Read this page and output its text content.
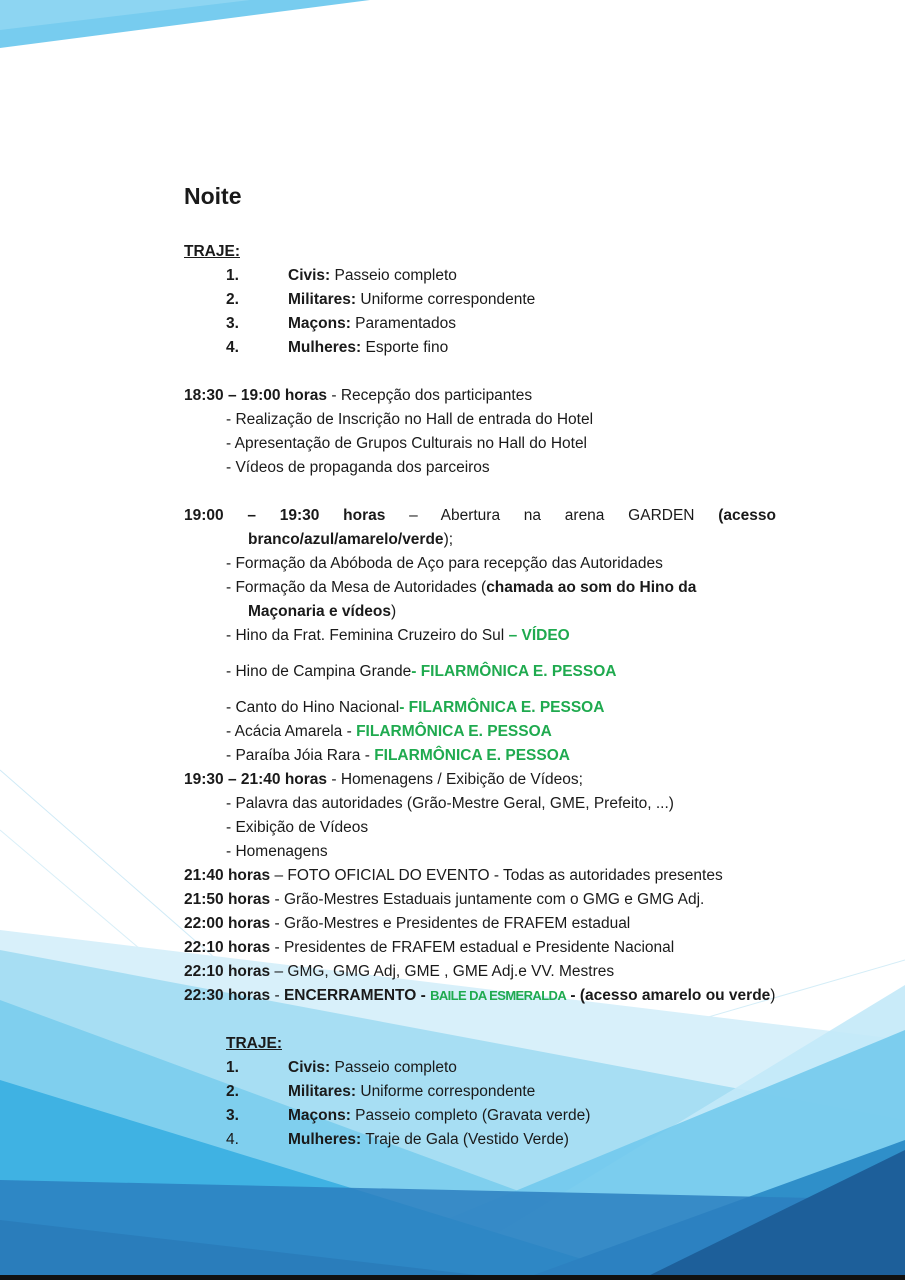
Noite
TRAJE:
1.	Civis: Passeio completo
2.	Militares: Uniforme correspondente
3.	Maçons: Paramentados
4.	Mulheres: Esporte fino
18:30 – 19:00 horas - Recepção dos participantes
- Realização de Inscrição no Hall de entrada do Hotel
- Apresentação de Grupos Culturais no Hall do Hotel
- Vídeos de propaganda dos parceiros
19:00 – 19:30 horas – Abertura na arena GARDEN (acesso
branco/azul/amarelo/verde);
- Formação da Abóboda de Aço para recepção das Autoridades
- Formação da Mesa de Autoridades (chamada ao som do Hino da
Maçonaria e vídeos)
- Hino da Frat. Feminina Cruzeiro do Sul – VÍDEO
- Hino de Campina Grande- FILARMÔNICA E. PESSOA
- Canto do Hino Nacional- FILARMÔNICA E. PESSOA
- Acácia Amarela - FILARMÔNICA E. PESSOA
- Paraíba Jóia Rara - FILARMÔNICA E. PESSOA
19:30 – 21:40 horas - Homenagens / Exibição de Vídeos;
- Palavra das autoridades (Grão-Mestre Geral, GME, Prefeito, ...)
- Exibição de Vídeos
- Homenagens
21:40 horas – FOTO OFICIAL DO EVENTO - Todas as autoridades presentes
21:50 horas - Grão-Mestres Estaduais juntamente com o GMG e GMG Adj.
22:00 horas - Grão-Mestres e Presidentes de FRAFEM estadual
22:10 horas - Presidentes de FRAFEM estadual e Presidente Nacional
22:10 horas – GMG, GMG Adj, GME , GME Adj.e VV. Mestres
22:30 horas - ENCERRAMENTO - BAILE DA ESMERALDA - (acesso amarelo ou verde)
TRAJE:
1.	Civis: Passeio completo
2.	Militares: Uniforme correspondente
3.	Maçons: Passeio completo (Gravata verde)
4.	Mulheres: Traje de Gala (Vestido Verde)
